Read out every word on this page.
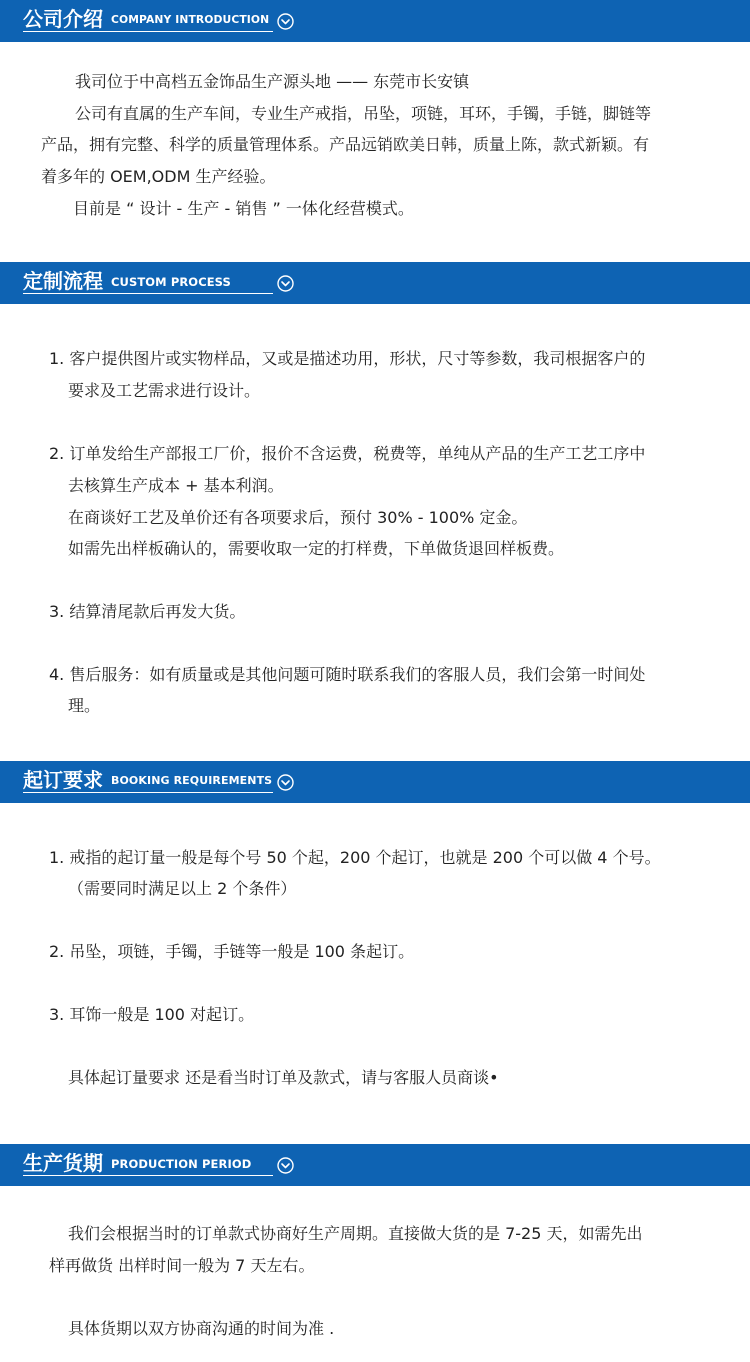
公司介绍 COMPANY INTRODUCTION
我司位于中高档五金饰品生产源头地 —— 东莞市长安镇
公司有直属的生产车间，专业生产戒指，吊坠，项链，耳环，手镯，手链，脚链等
产品，拥有完整、科学的质量管理体系。产品远销欧美日韩，质量上陈，款式新颖。有
着多年的 OEM,ODM 生产经验。
目前是 “ 设计 - 生产 - 销售 ” 一体化经营模式。
定制流程 CUSTOM PROCESS
1. 客户提供图片或实物样品，又或是描述功用，形状，尺寸等参数，我司根据客户的
要求及工艺需求进行设计。
2. 订单发给生产部报工厂价，报价不含运费，税费等，单纯从产品的生产工艺工序中
去核算生产成本 + 基本利润。
在商谈好工艺及单价还有各项要求后，预付 30% - 100% 定金。
如需先出样板确认的，需要收取一定的打样费，下单做货退回样板费。
3. 结算清尾款后再发大货。
4. 售后服务：如有质量或是其他问题可随时联系我们的客服人员，我们会第一时间处
理。
起订要求 BOOKING REQUIREMENTS
1. 戒指的起订量一般是每个号 50 个起，200 个起订，也就是 200 个可以做 4 个号。
（需要同时满足以上 2 个条件）
2. 吊坠，项链，手镯，手链等一般是 100 条起订。
3. 耳饰一般是 100 对起订。
具体起订量要求 还是看当时订单及款式，请与客服人员商谈•
生产货期 PRODUCTION PERIOD
我们会根据当时的订单款式协商好生产周期。直接做大货的是 7-25 天，如需先出
样再做货 出样时间一般为 7 天左右。
具体货期以双方协商沟通的时间为准 .
